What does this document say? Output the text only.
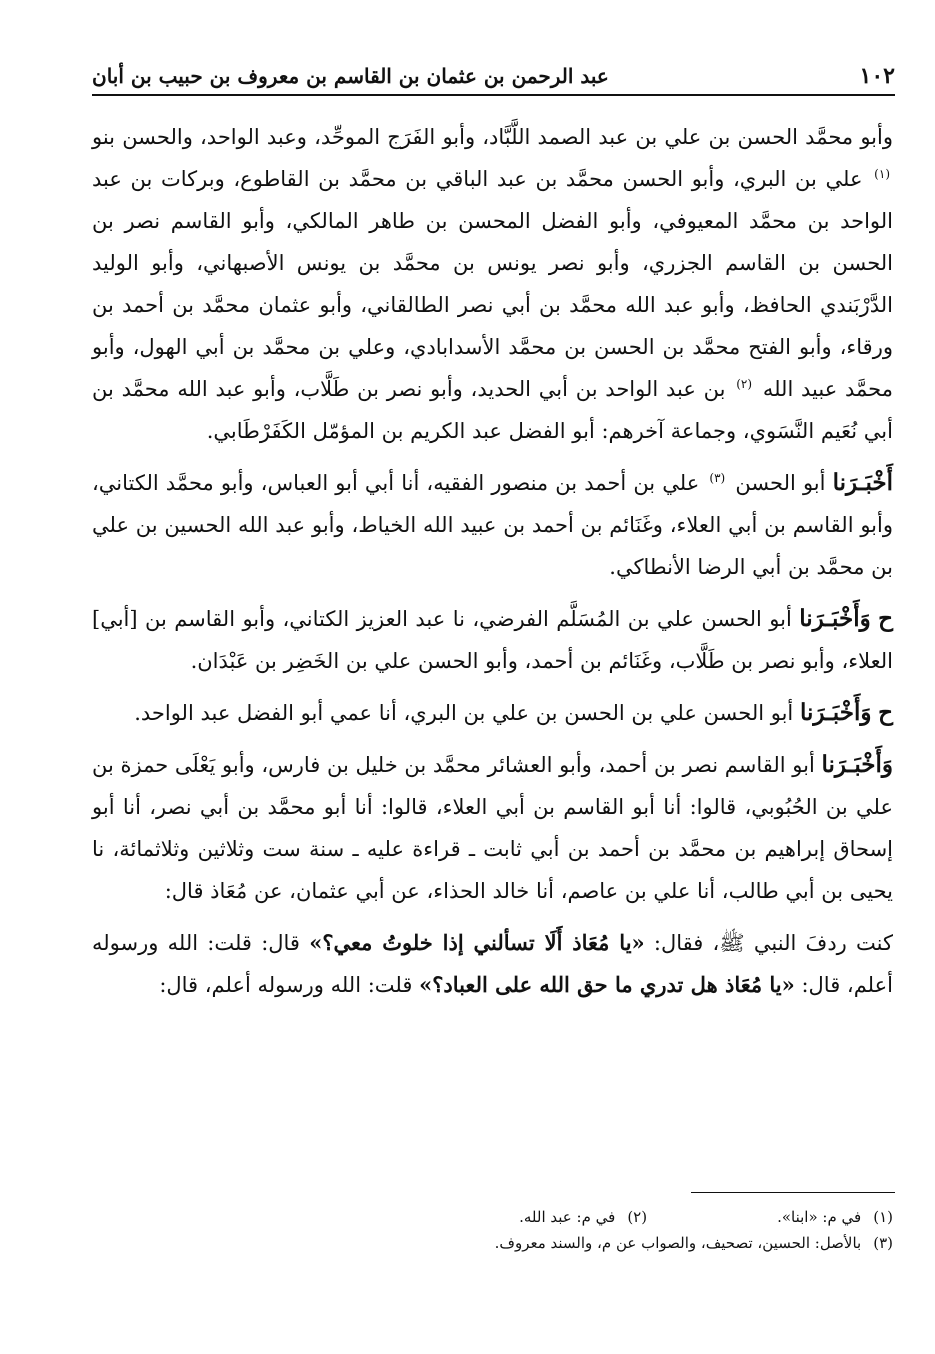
١٠٢
عبد الرحمن بن عثمان بن القاسم بن معروف بن حبيب بن أبان

وأبو محمَّد الحسن بن علي بن عبد الصمد اللَّبَّاد، وأبو الفَرَج الموحِّد، وعبد الواحد، والحسن بنو $^{(١)}$ علي بن البري، وأبو الحسن محمَّد بن عبد الباقي بن محمَّد بن القاطوع، وبركات بن عبد الواحد بن محمَّد المعيوفي، وأبو الفضل المحسن بن طاهر المالكي، وأبو القاسم نصر بن الحسن بن القاسم الجزري، وأبو نصر يونس بن محمَّد بن يونس الأصبهاني، وأبو الوليد الدَّرْبَندي الحافظ، وأبو عبد الله محمَّد بن أبي نصر الطالقاني، وأبو عثمان محمَّد بن أحمد بن ورقاء، وأبو الفتح محمَّد بن الحسن بن محمَّد الأسدابادي، وعلي بن محمَّد بن أبي الهول، وأبو محمَّد عبيد الله $^{(٢)}$ بن عبد الواحد بن أبي الحديد، وأبو نصر بن طَلَّاب، وأبو عبد الله محمَّد بن أبي نُعَيم النَّسَوي، وجماعة آخرهم: أبو الفضل عبد الكريم بن المؤمّل الكَفَرْطَابي.

أَخْبَـرَنا أبو الحسن $^{(٣)}$ علي بن أحمد بن منصور الفقيه، أنا أبي أبو العباس، وأبو محمَّد الكتاني، وأبو القاسم بن أبي العلاء، وغَنَائم بن أحمد بن عبيد الله الخياط، وأبو عبد الله الحسين بن علي بن محمَّد بن أبي الرضا الأنطاكي.

ح وَأَخْبَـرَنا أبو الحسن علي بن المُسَلَّم الفرضي، نا عبد العزيز الكتاني، وأبو القاسم بن [أبي] العلاء، وأبو نصر بن طَلَّاب، وغَنَائم بن أحمد، وأبو الحسن علي بن الخَضِر بن عَبْدَان.

ح وَأَخْبَـرَنا أبو الحسن علي بن الحسن بن علي بن البري، أنا عمي أبو الفضل عبد الواحد.

وَأَخْبَـرَنا أبو القاسم نصر بن أحمد، وأبو العشائر محمَّد بن خليل بن فارس، وأبو يَعْلَى حمزة بن علي بن الحُبُوبي، قالوا: أنا أبو القاسم بن أبي العلاء، قالوا: أنا أبو محمَّد بن أبي نصر، أنا أبو إسحاق إبراهيم بن محمَّد بن أحمد بن أبي ثابت ـ قراءة عليه ـ سنة ست وثلاثين وثلاثمائة، نا يحيى بن أبي طالب، أنا علي بن عاصم، أنا خالد الحذاء، عن أبي عثمان، عن مُعَاذ قال:

كنت ردفَ النبي ﷺ، فقال: «يا مُعَاذ أَلَا تسألني إذا خلوتُ معي؟» قال: قلت: الله ورسوله أعلم، قال: «يا مُعَاذ هل تدري ما حق الله على العباد؟» قلت: الله ورسوله أعلم، قال:

(١)في م: «ابنا».
(٢)في م: عبد الله.
(٣)بالأصل: الحسين، تصحيف، والصواب عن م، والسند معروف.
